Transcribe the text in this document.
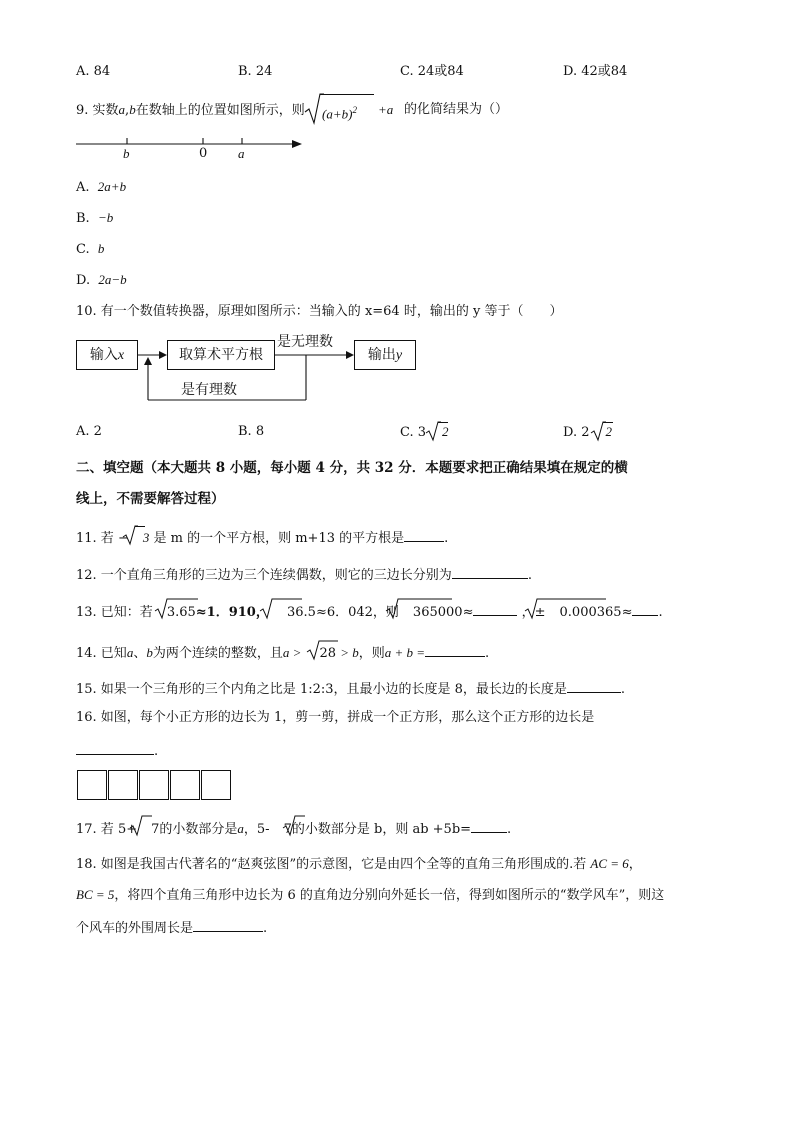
A. 84	B. 24	C. 24或84	D. 42或84
9. 实数a,b在数轴上的位置如图所示，则 $(a+b)^2 +a$ 的化简结果为（）
b	0 a
A. 2a+b
B. −b
C. b
D. 2a−b
10. 有一个数值转换器，原理如图所示：当输入的 x=64 时，输出的 y 等于（　　）
输入x	取算术平方根
是无理数
输出y
是有理数
A. 2	B. 8	C. 3 2	D. 2 2
二、填空题（本大题共 8 小题，每小题 4 分，共 32 分．本题要求把正确结果填在规定的横
线上，不需要解答过程）
11. 若 − 3 是 m 的一个平方根，则 m+13 的平方根是	.
12. 一个直角三角形的三边为三个连续偶数，则它的三边长分别为	.
13. 已知：若 3.65≈1．910， 36.5≈6．042，则 365000≈	，± 0.000365≈ .
14. 已知a、b为两个连续的整数，且a > 28 > b，则a + b =	.
15. 如果一个三角形的三个内角之比是 1:2:3，且最小边的长度是 8，最长边的长度是	.
16. 如图，每个小正方形的边长为 1，剪一剪，拼成一个正方形，那么这个正方形的边长是
.
17. 若 5+ 7的小数部分是a，5- 7的小数部分是 b，则 ab +5b=	.
18. 如图是我国古代著名的“赵爽弦图”的示意图，它是由四个全等的直角三角形围成的.若 AC = 6，
BC = 5，将四个直角三角形中边长为 6 的直角边分别向外延长一倍，得到如图所示的“数学风车”，则这
个风车的外围周长是	.
